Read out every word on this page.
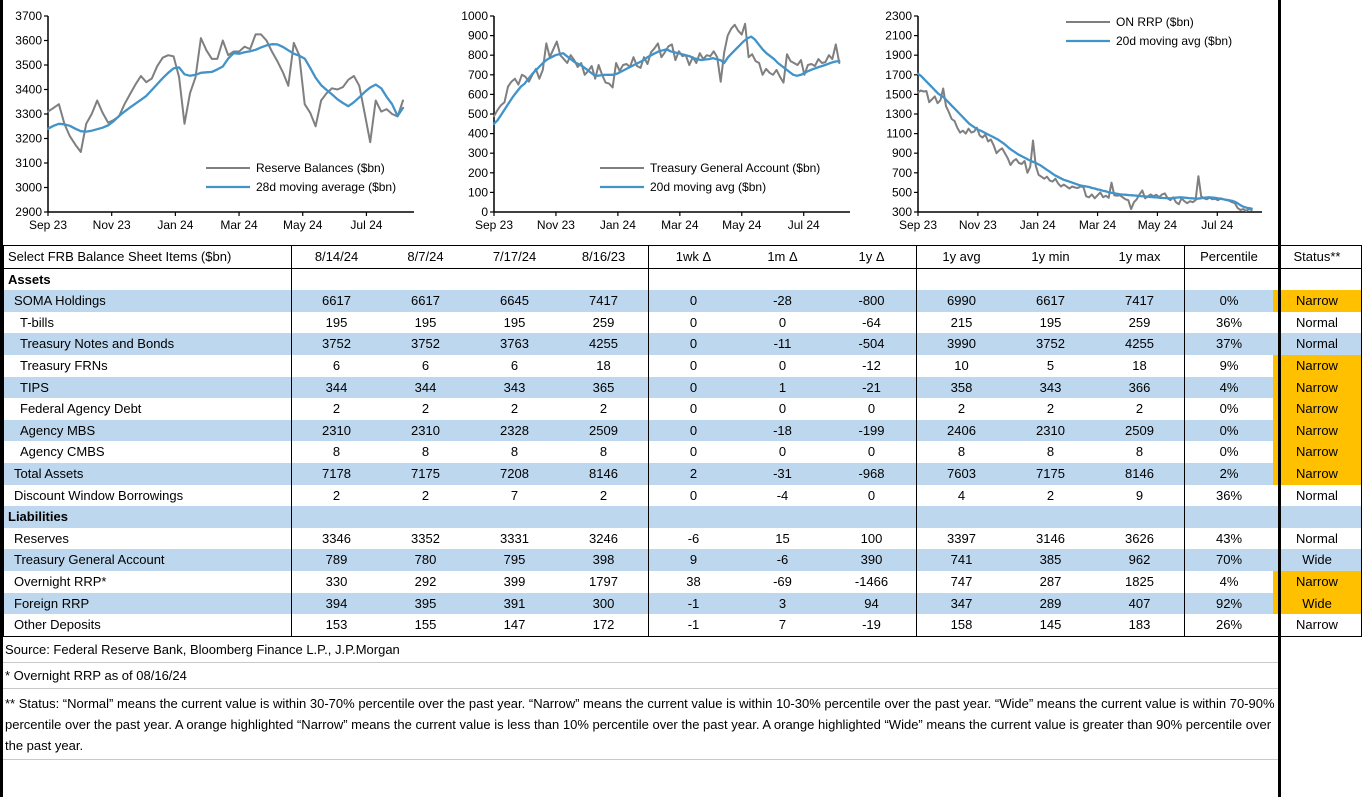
2900
3000
3100
3200
3300
3400
3500
3600
3700
Sep 23 Nov 23 Jan 24 Mar 24 May 24 Jul 24
Reserve Balances ($bn)
28d moving average ($bn)
0
100
200
300
400
500
600
700
800
900
1000
Sep 23 Nov 23 Jan 24 Mar 24 May 24 Jul 24
Treasury General Account ($bn)
20d moving avg ($bn)
300
500
700
900
1100
1300
1500
1700
1900
2100
2300
Sep 23 Nov 23 Jan 24 Mar 24 May 24 Jul 24
ON RRP ($bn)
20d moving avg ($bn)
Select FRB Balance Sheet Items ($bn)	8/14/24	8/7/24	7/17/24	8/16/23	1wk Δ	1m Δ	1y Δ	1y avg	1y min	1y max	Percentile	Status**
Assets												
SOMA Holdings	6617	6617	6645	7417	0	-28	-800	6990	6617	7417	0%	Narrow
T-bills	195	195	195	259	0	0	-64	215	195	259	36%	Normal
Treasury Notes and Bonds	3752	3752	3763	4255	0	-11	-504	3990	3752	4255	37%	Normal
Treasury FRNs	6	6	6	18	0	0	-12	10	5	18	9%	Narrow
TIPS	344	344	343	365	0	1	-21	358	343	366	4%	Narrow
Federal Agency Debt	2	2	2	2	0	0	0	2	2	2	0%	Narrow
Agency MBS	2310	2310	2328	2509	0	-18	-199	2406	2310	2509	0%	Narrow
Agency CMBS	8	8	8	8	0	0	0	8	8	8	0%	Narrow
Total Assets	7178	7175	7208	8146	2	-31	-968	7603	7175	8146	2%	Narrow
Discount Window Borrowings	2	2	7	2	0	-4	0	4	2	9	36%	Normal
Liabilities												
Reserves	3346	3352	3331	3246	-6	15	100	3397	3146	3626	43%	Normal
Treasury General Account	789	780	795	398	9	-6	390	741	385	962	70%	Wide
Overnight RRP*	330	292	399	1797	38	-69	-1466	747	287	1825	4%	Narrow
Foreign RRP	394	395	391	300	-1	3	94	347	289	407	92%	Wide
Other Deposits	153	155	147	172	-1	7	-19	158	145	183	26%	Narrow
Source: Federal Reserve Bank, Bloomberg Finance L.P., J.P.Morgan
* Overnight RRP as of 08/16/24
** Status: “Normal” means the current value is within 30-70% percentile over the past year. “Narrow” means the current value is within 10-30% percentile over the past year. “Wide” means the current value is within 70-90% percentile over the past year. A orange highlighted “Narrow” means the current value is less than 10% percentile over the past year. A orange highlighted “Wide” means the current value is greater than 90% percentile over the past year.
